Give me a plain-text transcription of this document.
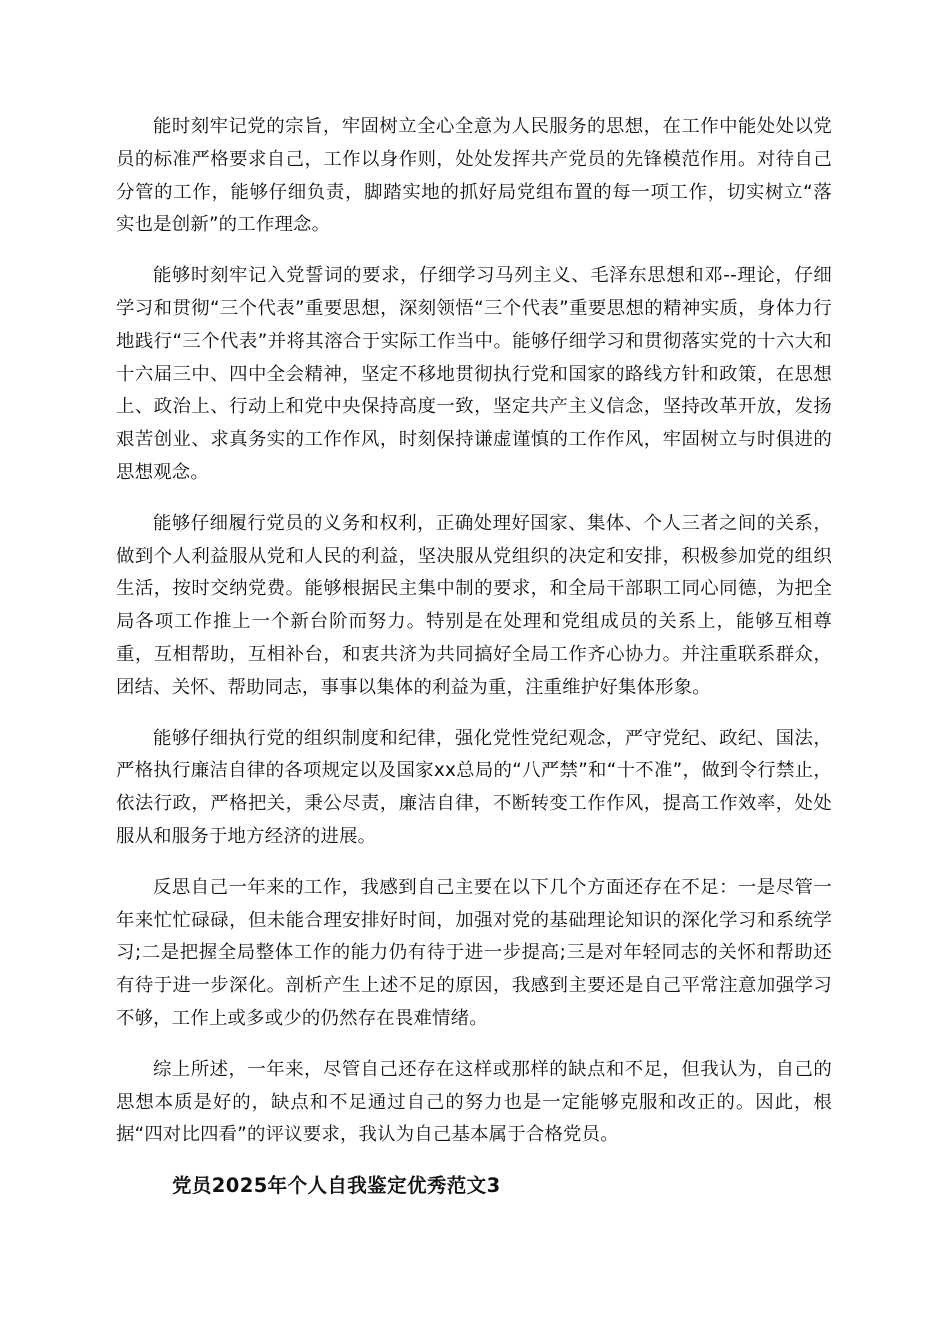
能时刻牢记党的宗旨，牢固树立全心全意为人民服务的思想，在工作中能处处以党员的标准严格要求自己，工作以身作则，处处发挥共产党员的先锋模范作用。对待自己分管的工作，能够仔细负责，脚踏实地的抓好局党组布置的每一项工作，切实树立“落实也是创新”的工作理念。

能够时刻牢记入党誓词的要求，仔细学习马列主义、毛泽东思想和邓--理论，仔细学习和贯彻“三个代表”重要思想，深刻领悟“三个代表”重要思想的精神实质，身体力行地践行“三个代表”并将其溶合于实际工作当中。能够仔细学习和贯彻落实党的十六大和十六届三中、四中全会精神，坚定不移地贯彻执行党和国家的路线方针和政策，在思想上、政治上、行动上和党中央保持高度一致，坚定共产主义信念，坚持改革开放，发扬艰苦创业、求真务实的工作作风，时刻保持谦虚谨慎的工作作风，牢固树立与时俱进的思想观念。

能够仔细履行党员的义务和权利，正确处理好国家、集体、个人三者之间的关系，做到个人利益服从党和人民的利益，坚决服从党组织的决定和安排，积极参加党的组织生活，按时交纳党费。能够根据民主集中制的要求，和全局干部职工同心同德，为把全局各项工作推上一个新台阶而努力。特别是在处理和党组成员的关系上，能够互相尊重，互相帮助，互相补台，和衷共济为共同搞好全局工作齐心协力。并注重联系群众，团结、关怀、帮助同志，事事以集体的利益为重，注重维护好集体形象。

能够仔细执行党的组织制度和纪律，强化党性党纪观念，严守党纪、政纪、国法，严格执行廉洁自律的各项规定以及国家xx总局的“八严禁”和“十不准”，做到令行禁止，依法行政，严格把关，秉公尽责，廉洁自律，不断转变工作作风，提高工作效率，处处服从和服务于地方经济的进展。

反思自己一年来的工作，我感到自己主要在以下几个方面还存在不足：一是尽管一年来忙忙碌碌，但未能合理安排好时间，加强对党的基础理论知识的深化学习和系统学习;二是把握全局整体工作的能力仍有待于进一步提高;三是对年轻同志的关怀和帮助还有待于进一步深化。剖析产生上述不足的原因，我感到主要还是自己平常注意加强学习不够，工作上或多或少的仍然存在畏难情绪。

综上所述，一年来，尽管自己还存在这样或那样的缺点和不足，但我认为，自己的思想本质是好的，缺点和不足通过自己的努力也是一定能够克服和改正的。因此，根据“四对比四看”的评议要求，我认为自己基本属于合格党员。

党员2025年个人自我鉴定优秀范文3
